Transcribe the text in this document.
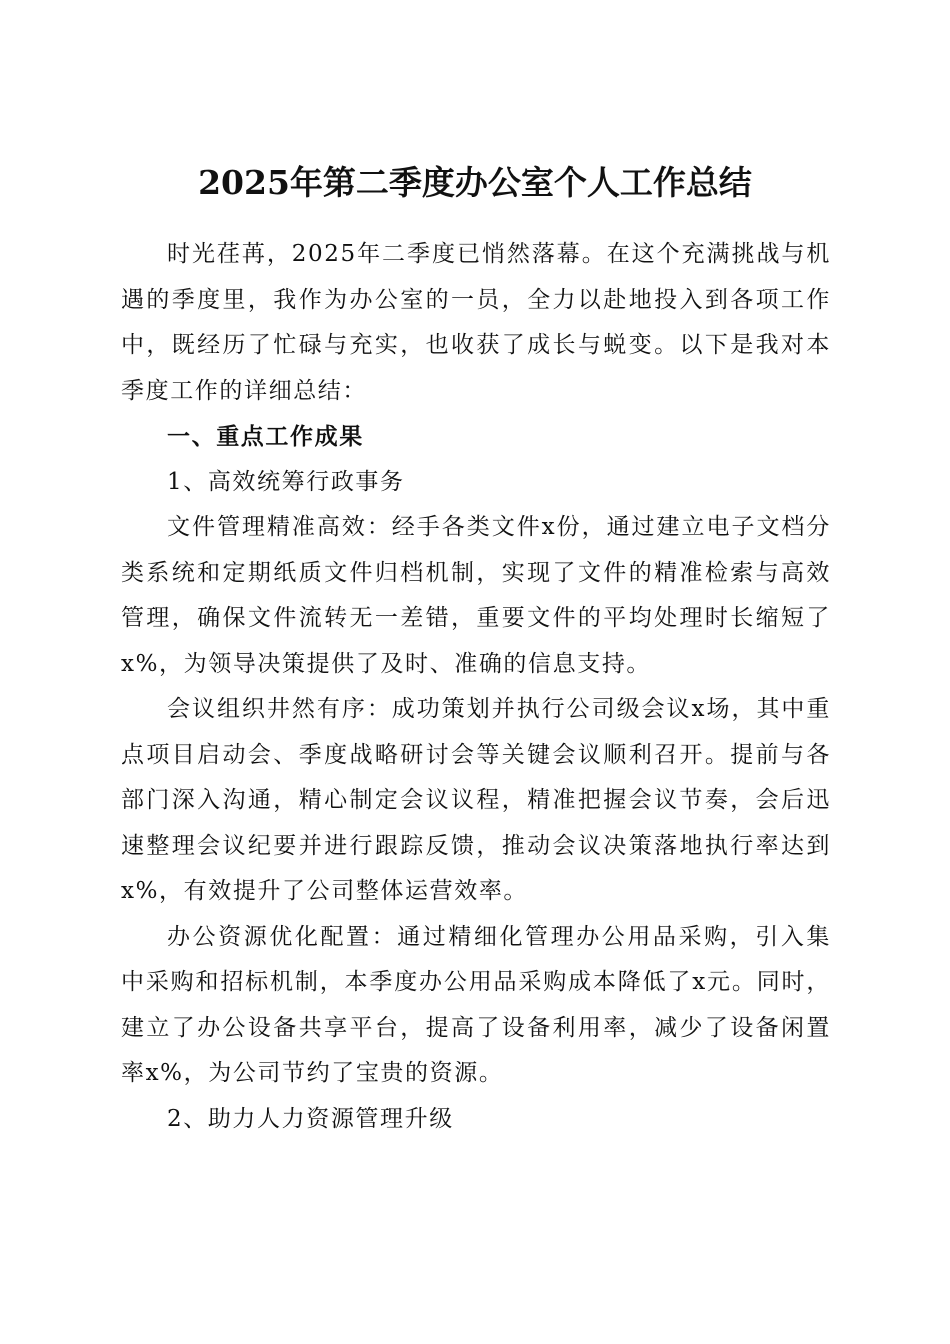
2025年第二季度办公室个人工作总结

时光荏苒，2025年二季度已悄然落幕。在这个充满挑战与机遇的季度里，我作为办公室的一员，全力以赴地投入到各项工作中，既经历了忙碌与充实，也收获了成长与蜕变。以下是我对本季度工作的详细总结：

一、重点工作成果

1、高效统筹行政事务

文件管理精准高效：经手各类文件x份，通过建立电子文档分类系统和定期纸质文件归档机制，实现了文件的精准检索与高效管理，确保文件流转无一差错，重要文件的平均处理时长缩短了x%，为领导决策提供了及时、准确的信息支持。

会议组织井然有序：成功策划并执行公司级会议x场，其中重点项目启动会、季度战略研讨会等关键会议顺利召开。提前与各部门深入沟通，精心制定会议议程，精准把握会议节奏，会后迅速整理会议纪要并进行跟踪反馈，推动会议决策落地执行率达到x%，有效提升了公司整体运营效率。

办公资源优化配置：通过精细化管理办公用品采购，引入集中采购和招标机制，本季度办公用品采购成本降低了x元。同时，建立了办公设备共享平台，提高了设备利用率，减少了设备闲置率x%，为公司节约了宝贵的资源。

2、助力人力资源管理升级
